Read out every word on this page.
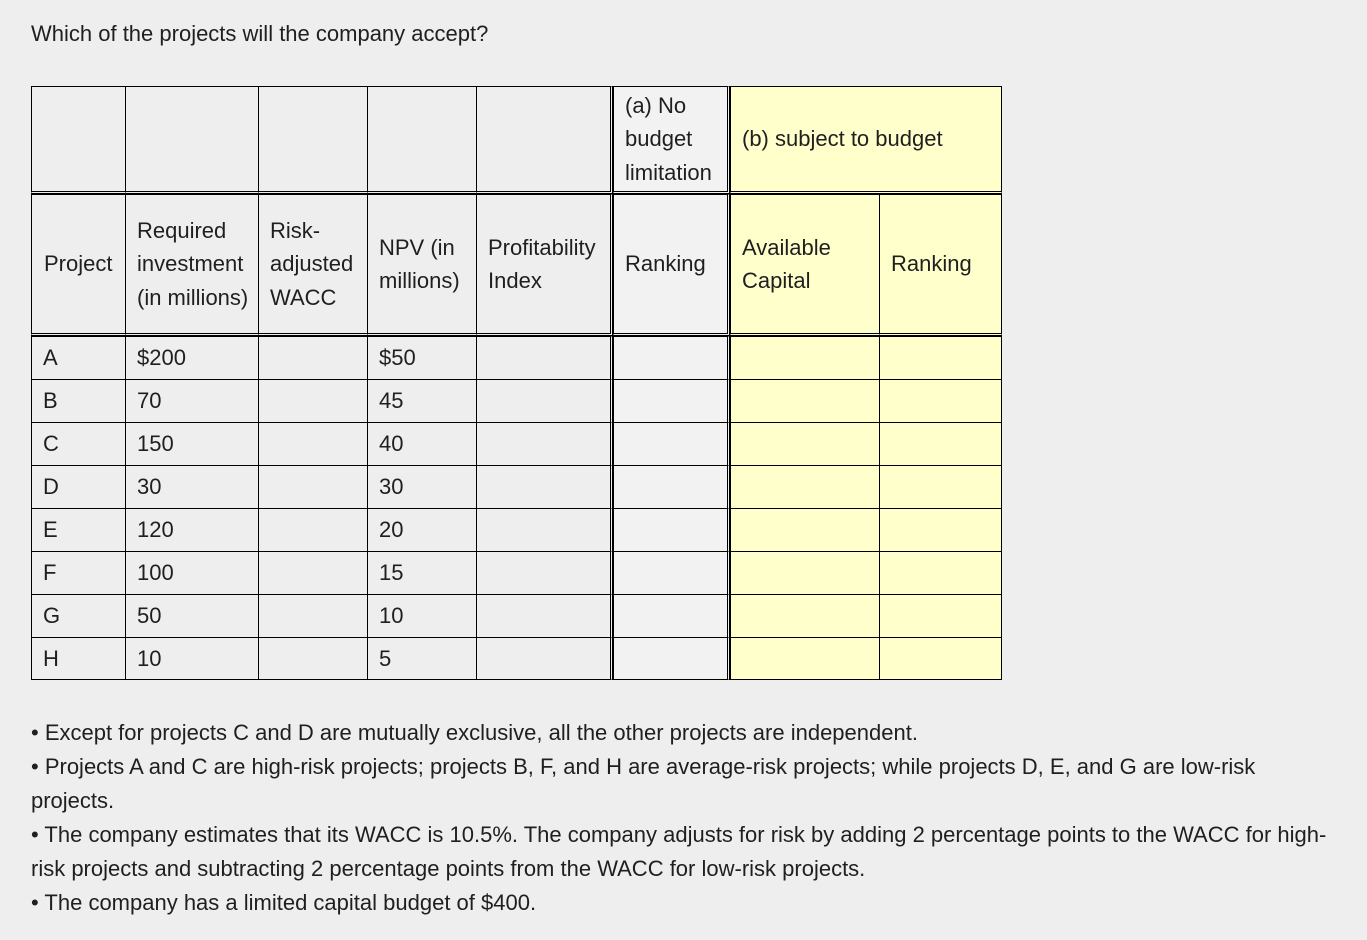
Which of the projects will the company accept?
					(a) No budget limitation	(b) subject to budget	
Project	Required investment (in millions)	Risk-adjusted WACC	NPV (in millions)	Profitability Index	Ranking	Available Capital	Ranking
A	$200		$50				
B	70		45				
C	150		40				
D	30		30				
E	120		20				
F	100		15				
G	50		10				
H	10		5				

• Except for projects C and D are mutually exclusive, all the other projects are independent.

• Projects A and C are high-risk projects; projects B, F, and H are average-risk projects; while projects D, E, and G are low-risk projects.

• The company estimates that its WACC is 10.5%. The company adjusts for risk by adding 2 percentage points to the WACC for high-risk projects and subtracting 2 percentage points from the WACC for low-risk projects.

• The company has a limited capital budget of $400.
